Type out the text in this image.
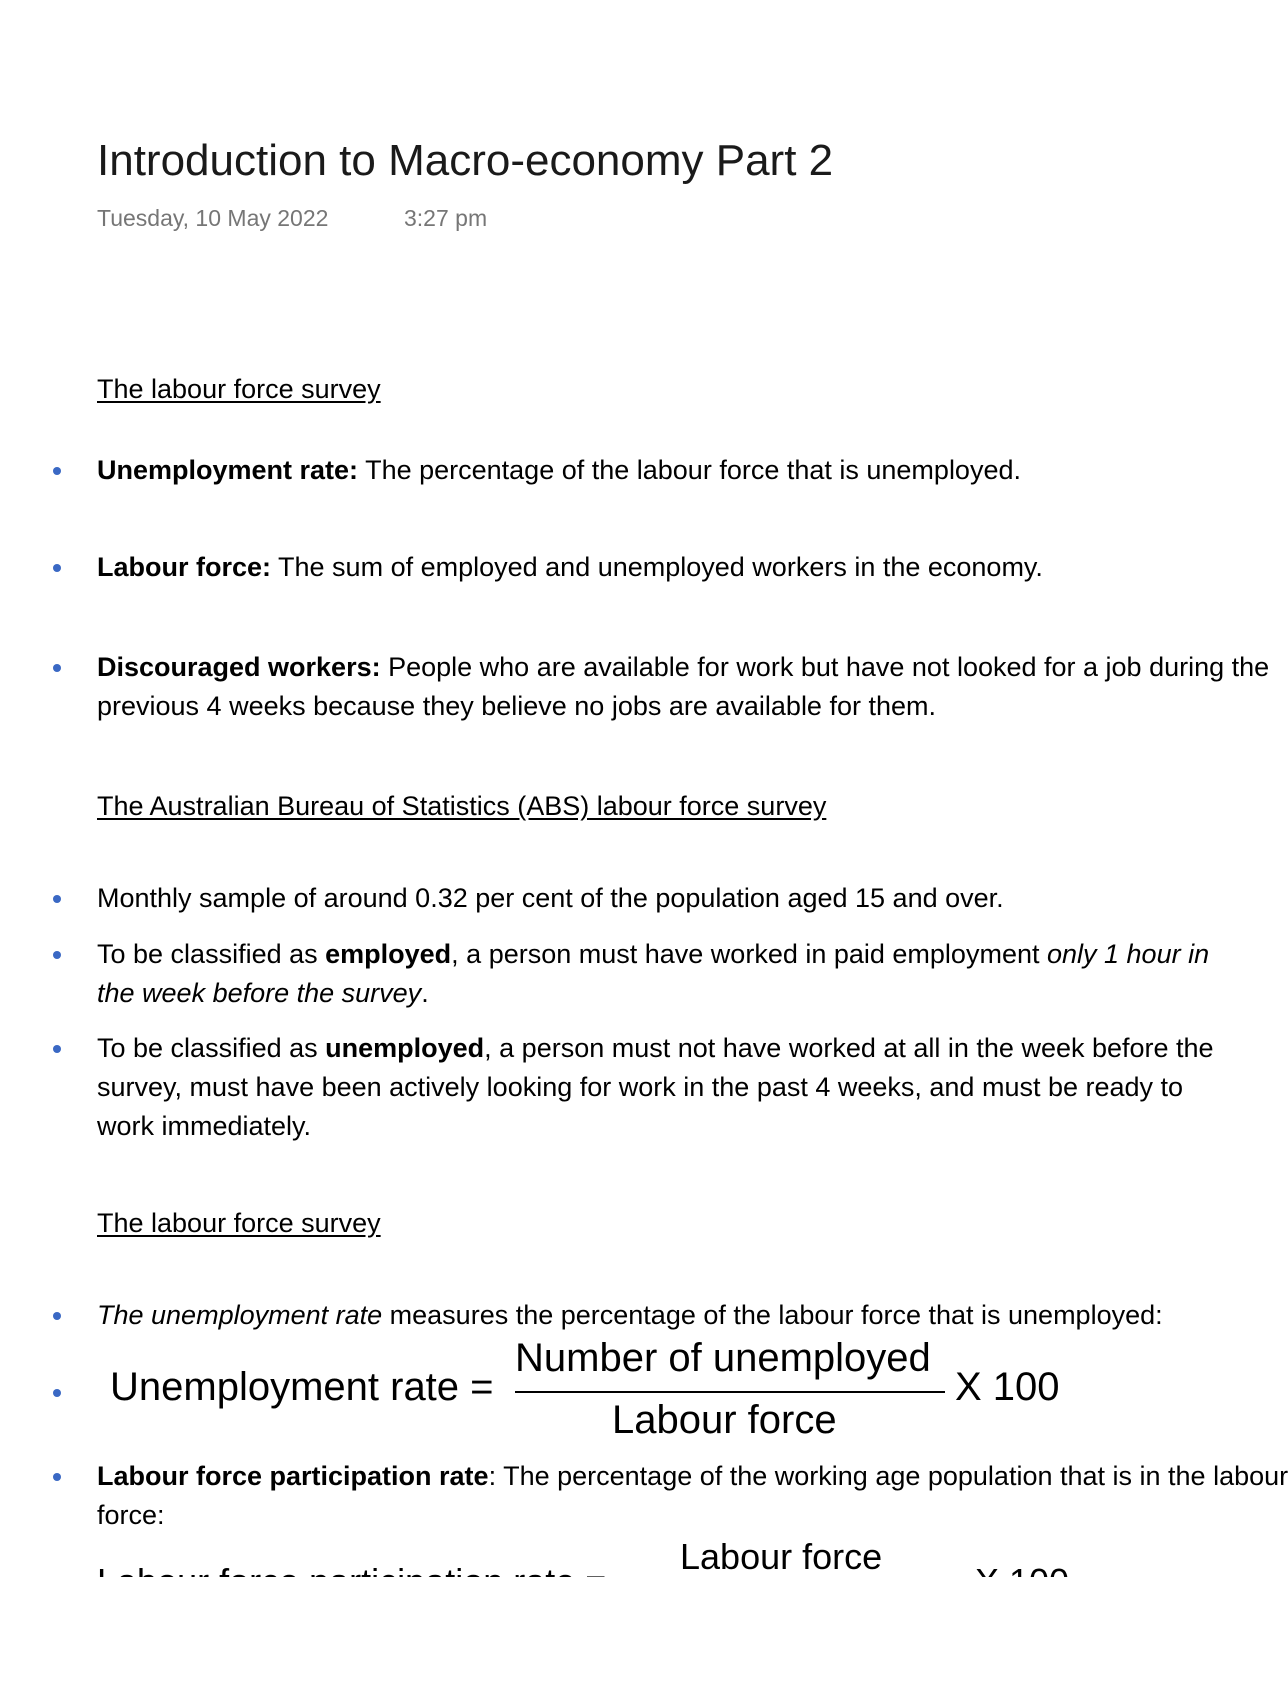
Introduction to Macro-economy Part 2
Tuesday, 10 May 2022	3:27 pm
The labour force survey
Unemployment rate: The percentage of the labour force that is unemployed.
Labour force: The sum of employed and unemployed workers in the economy.
Discouraged workers: People who are available for work but have not looked for a job during the
previous 4 weeks because they believe no jobs are available for them.
The Australian Bureau of Statistics (ABS) labour force survey
Monthly sample of around 0.32 per cent of the population aged 15 and over.
To be classified as employed, a person must have worked in paid employment only 1 hour in
the week before the survey.
To be classified as unemployed, a person must not have worked at all in the week before the
survey, must have been actively looking for work in the past 4 weeks, and must be ready to
work immediately.
The labour force survey
The unemployment rate measures the percentage of the labour force that is unemployed:
Unemployment rate =
Number of unemployed
Labour force
X 100
Labour force participation rate: The percentage of the working age population that is in the labour
force:
Labour force
